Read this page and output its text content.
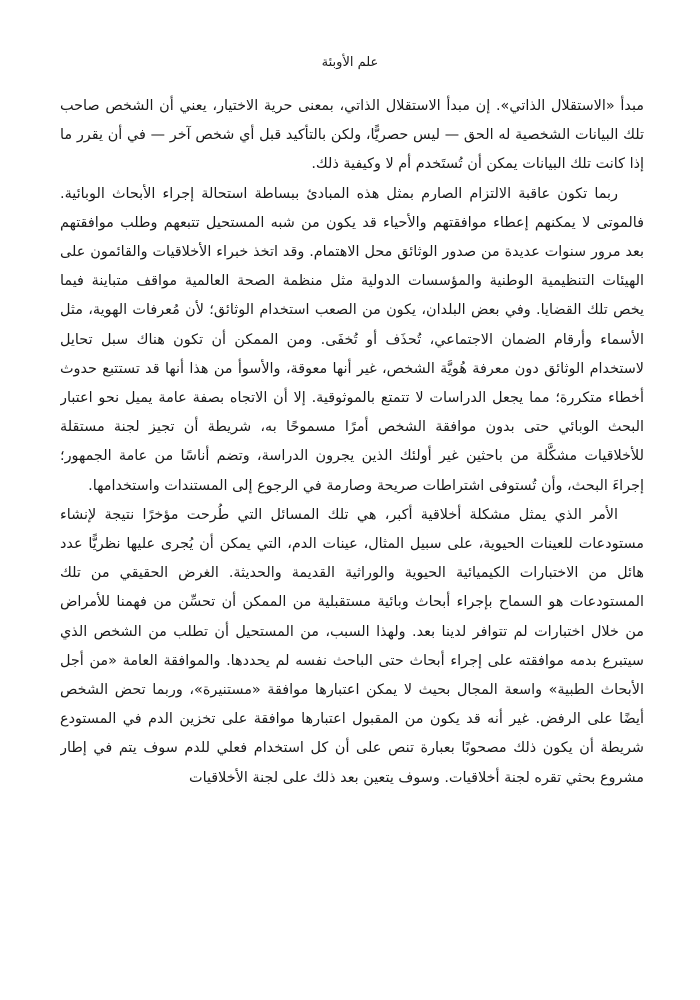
علم الأوبئة

مبدأ «الاستقلال الذاتي». إن مبدأ الاستقلال الذاتي، بمعنى حرية الاختيار، يعني أن الشخص صاحب تلك البيانات الشخصية له الحق — ليس حصريًّا، ولكن بالتأكيد قبل أي شخص آخر — في أن يقرر ما إذا كانت تلك البيانات يمكن أن تُستَخدم أم لا وكيفية ذلك.

ربما تكون عاقبة الالتزام الصارم بمثل هذه المبادئ ببساطة استحالة إجراء الأبحاث الوبائية. فالموتى لا يمكنهم إعطاء موافقتهم والأحياء قد يكون من شبه المستحيل تتبعهم وطلب موافقتهم بعد مرور سنوات عديدة من صدور الوثائق محل الاهتمام. وقد اتخذ خبراء الأخلاقيات والقائمون على الهيئات التنظيمية الوطنية والمؤسسات الدولية مثل منظمة الصحة العالمية مواقف متباينة فيما يخص تلك القضايا. وفي بعض البلدان، يكون من الصعب استخدام الوثائق؛ لأن مُعرفات الهوية، مثل الأسماء وأرقام الضمان الاجتماعي، تُحذَف أو تُخفَى. ومن الممكن أن تكون هناك سبل تحايل لاستخدام الوثائق دون معرفة هُويَّة الشخص، غير أنها معوقة، والأسوأ من هذا أنها قد تستتبع حدوث أخطاء متكررة؛ مما يجعل الدراسات لا تتمتع بالموثوقية. إلا أن الاتجاه بصفة عامة يميل نحو اعتبار البحث الوبائي حتى بدون موافقة الشخص أمرًا مسموحًا به، شريطة أن تجيز لجنة مستقلة للأخلاقيات مشكَّلة من باحثين غير أولئك الذين يجرون الدراسة، وتضم أناسًا من عامة الجمهور؛ إجراءَ البحث، وأن تُستوفى اشتراطات صريحة وصارمة في الرجوع إلى المستندات واستخدامها.

الأمر الذي يمثل مشكلة أخلاقية أكبر، هي تلك المسائل التي طُرحت مؤخرًا نتيجة لإنشاء مستودعات للعينات الحيوية، على سبيل المثال، عينات الدم، التي يمكن أن يُجرى عليها نظريًّا عدد هائل من الاختبارات الكيميائية الحيوية والوراثية القديمة والحديثة. الغرض الحقيقي من تلك المستودعات هو السماح بإجراء أبحاث وبائية مستقبلية من الممكن أن تحسِّن من فهمنا للأمراض من خلال اختبارات لم تتوافر لدينا بعد. ولهذا السبب، من المستحيل أن تطلب من الشخص الذي سيتبرع بدمه موافقته على إجراء أبحاث حتى الباحث نفسه لم يحددها. والموافقة العامة «من أجل الأبحاث الطبية» واسعة المجال بحيث لا يمكن اعتبارها موافقة «مستنيرة»، وربما تحض الشخص أيضًا على الرفض. غير أنه قد يكون من المقبول اعتبارها موافقة على تخزين الدم في المستودع شريطة أن يكون ذلك مصحوبًا بعبارة تنص على أن كل استخدام فعلي للدم سوف يتم في إطار مشروع بحثي تقره لجنة أخلاقيات. وسوف يتعين بعد ذلك على لجنة الأخلاقيات
